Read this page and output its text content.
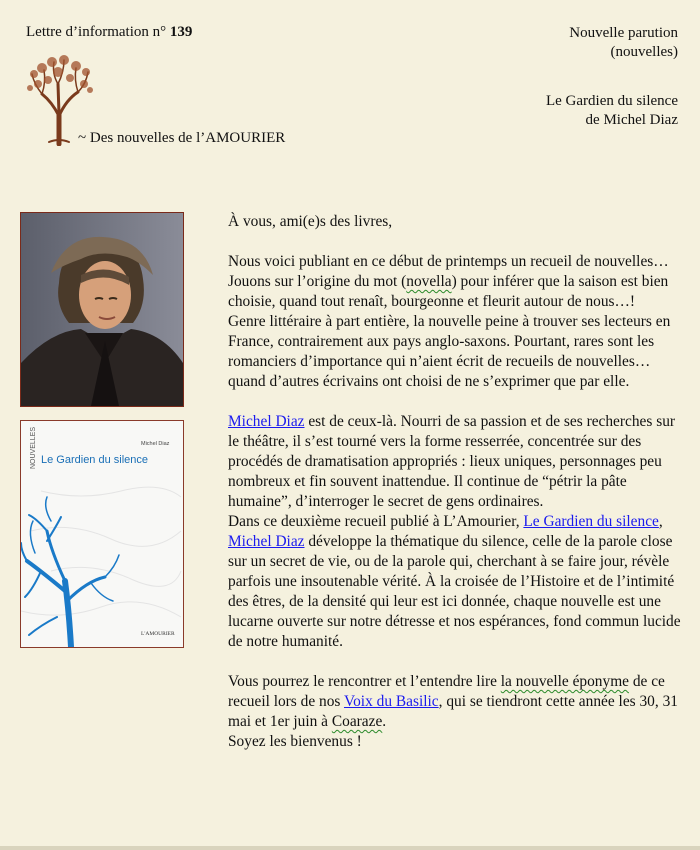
Lettre d’information n° 139	Nouvelle parution
(nouvelles)
Le Gardien du silence
de Michel Diaz
~ Des nouvelles de l’AMOURIER
NOUVELLES	Michel Diaz
Le Gardien du silence
L'AMOURIER

À vous, ami(e)s des livres,

Nous voici publiant en ce début de printemps un recueil de nouvelles… Jouons sur l’origine du mot (novella) pour inférer que la saison est bien choisie, quand tout renaît, bourgeonne et fleurit autour de nous…!

Genre littéraire à part entière, la nouvelle peine à trouver ses lecteurs en France, contrairement aux pays anglo-saxons. Pourtant, rares sont les romanciers d’importance qui n’aient écrit de recueils de nouvelles… quand d’autres écrivains ont choisi de ne s’exprimer que par elle.

Michel Diaz est de ceux-là. Nourri de sa passion et de ses recherches sur le théâtre, il s’est tourné vers la forme resserrée, concentrée sur des procédés de dramatisation appropriés : lieux uniques, personnages peu nombreux et fin souvent inattendue. Il continue de “pétrir la pâte humaine”, d’interroger le secret de gens ordinaires.

Dans ce deuxième recueil publié à L’Amourier, Le Gardien du silence, Michel Diaz développe la thématique du silence, celle de la parole close sur un secret de vie, ou de la parole qui, cherchant à se faire jour, révèle parfois une insoutenable vérité. À la croisée de l’Histoire et de l’intimité des êtres, de la densité qui leur est ici donnée, chaque nouvelle est une lucarne ouverte sur notre détresse et nos espérances, fond commun lucide de notre humanité.

Vous pourrez le rencontrer et l’entendre lire la nouvelle éponyme de ce recueil lors de nos Voix du Basilic, qui se tiendront cette année les 30, 31 mai et 1er juin à Coaraze.

Soyez les bienvenus !
